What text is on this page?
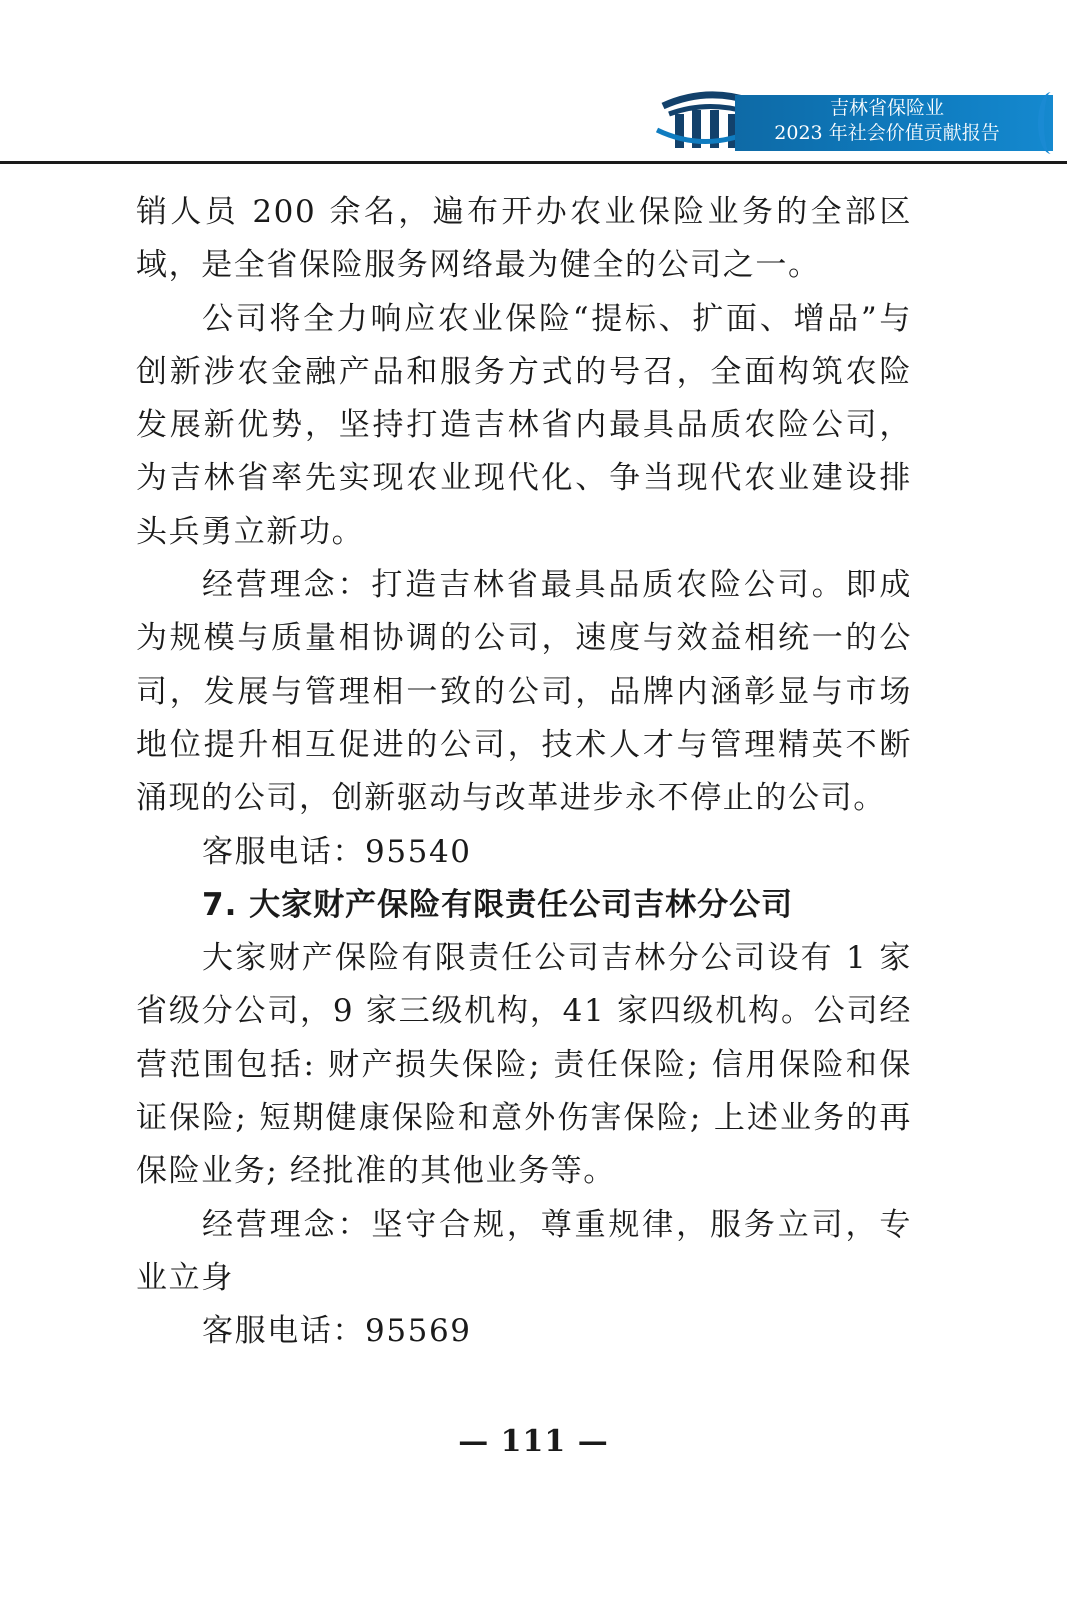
吉林省保险业
2023 年社会价值贡献报告

销人员 200 余名，遍布开办农业保险业务的全部区域，是全省保险服务网络最为健全的公司之一。

公司将全力响应农业保险“提标、扩面、增品”与创新涉农金融产品和服务方式的号召，全面构筑农险发展新优势，坚持打造吉林省内最具品质农险公司，为吉林省率先实现农业现代化、争当现代农业建设排头兵勇立新功。

经营理念：打造吉林省最具品质农险公司。即成为规模与质量相协调的公司，速度与效益相统一的公司，发展与管理相一致的公司，品牌内涵彰显与市场地位提升相互促进的公司，技术人才与管理精英不断涌现的公司，创新驱动与改革进步永不停止的公司。

客服电话：95540

7. 大家财产保险有限责任公司吉林分公司

大家财产保险有限责任公司吉林分公司设有 1 家省级分公司，9 家三级机构，41 家四级机构。公司经营范围包括: 财产损失保险; 责任保险; 信用保险和保证保险; 短期健康保险和意外伤害保险; 上述业务的再保险业务; 经批准的其他业务等。

经营理念：坚守合规，尊重规律，服务立司，专业立身

客服电话：95569

— 111 —
